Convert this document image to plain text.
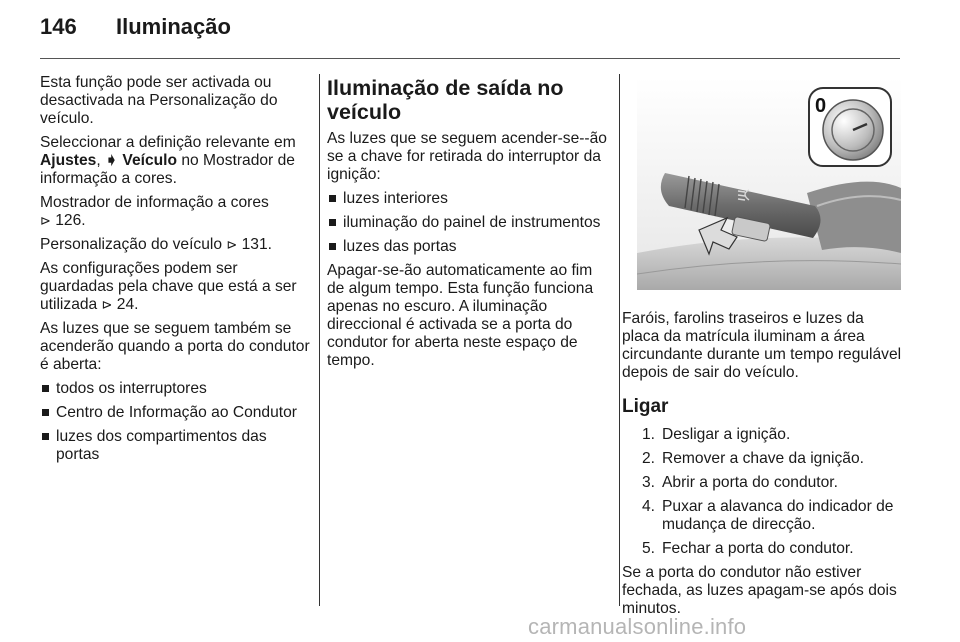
146	Iluminação

Esta função pode ser activada ou desactivada na Personalização do veículo.

Seleccionar a definição relevante em Ajustes, ➧ Veículo no Mostrador de informação a cores.

Mostrador de informação a cores
⊳ 126.

Personalização do veículo ⊳ 131.

As configurações podem ser guardadas pela chave que está a ser utilizada ⊳ 24.

As luzes que se seguem também se acenderão quando a porta do condutor é aberta:

todos os interruptores
Centro de Informação ao Condutor
luzes dos compartimentos das portas
Iluminação de saída no veículo

As luzes que se seguem acender-se--ão se a chave for retirada do interruptor da ignição:

luzes interiores
iluminação do painel de instrumentos
luzes das portas

Apagar-se-ão automaticamente ao fim de algum tempo. Esta função funciona apenas no escuro. A iluminação direccional é activada se a porta do condutor for aberta neste espaço de tempo.

0

Faróis, farolins traseiros e luzes da placa da matrícula iluminam a área circundante durante um tempo regulável depois de sair do veículo.

Ligar
1. Desligar a ignição.
2. Remover a chave da ignição.
3. Abrir a porta do condutor.
4. Puxar a alavanca do indicador de mudança de direcção.
5. Fechar a porta do condutor.

Se a porta do condutor não estiver fechada, as luzes apagam-se após dois minutos.

carmanualsonline.info
